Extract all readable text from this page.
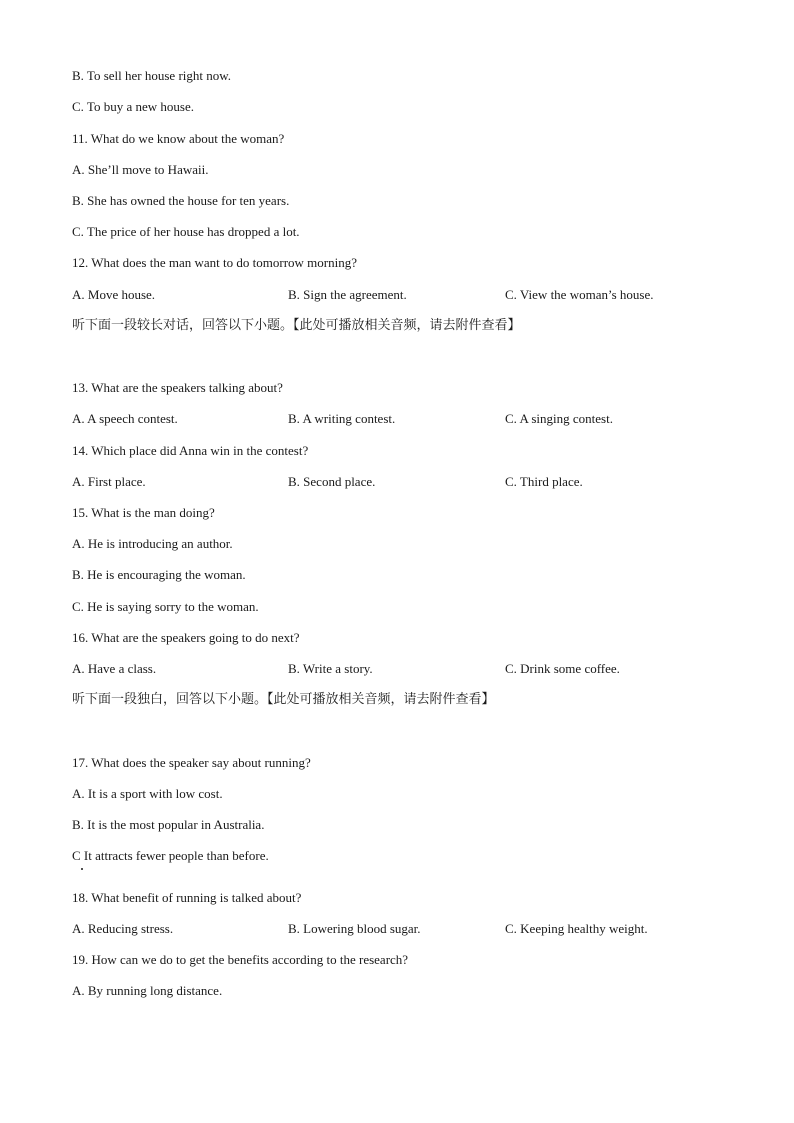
B. To sell her house right now.
C. To buy a new house.
11. What do we know about the woman?
A. She’ll move to Hawaii.
B. She has owned the house for ten years.
C. The price of her house has dropped a lot.
12. What does the man want to do tomorrow morning?
A. Move house.	B. Sign the agreement.	C. View the woman’s house.
听下面一段较长对话，回答以下小题。【此处可播放相关音频，请去附件查看】
13. What are the speakers talking about?
A. A speech contest.	B. A writing contest.	C. A singing contest.
14. Which place did Anna win in the contest?
A. First place.	B. Second place.	C. Third place.
15. What is the man doing?
A. He is introducing an author.
B. He is encouraging the woman.
C. He is saying sorry to the woman.
16. What are the speakers going to do next?
A. Have a class.	B. Write a story.	C. Drink some coffee.
听下面一段独白，回答以下小题。【此处可播放相关音频，请去附件查看】
17. What does the speaker say about running?
A. It is a sport with low cost.
B. It is the most popular in Australia.
C It attracts fewer people than before.
18. What benefit of running is talked about?
A. Reducing stress.	B. Lowering blood sugar.	C. Keeping healthy weight.
19. How can we do to get the benefits according to the research?
A. By running long distance.
